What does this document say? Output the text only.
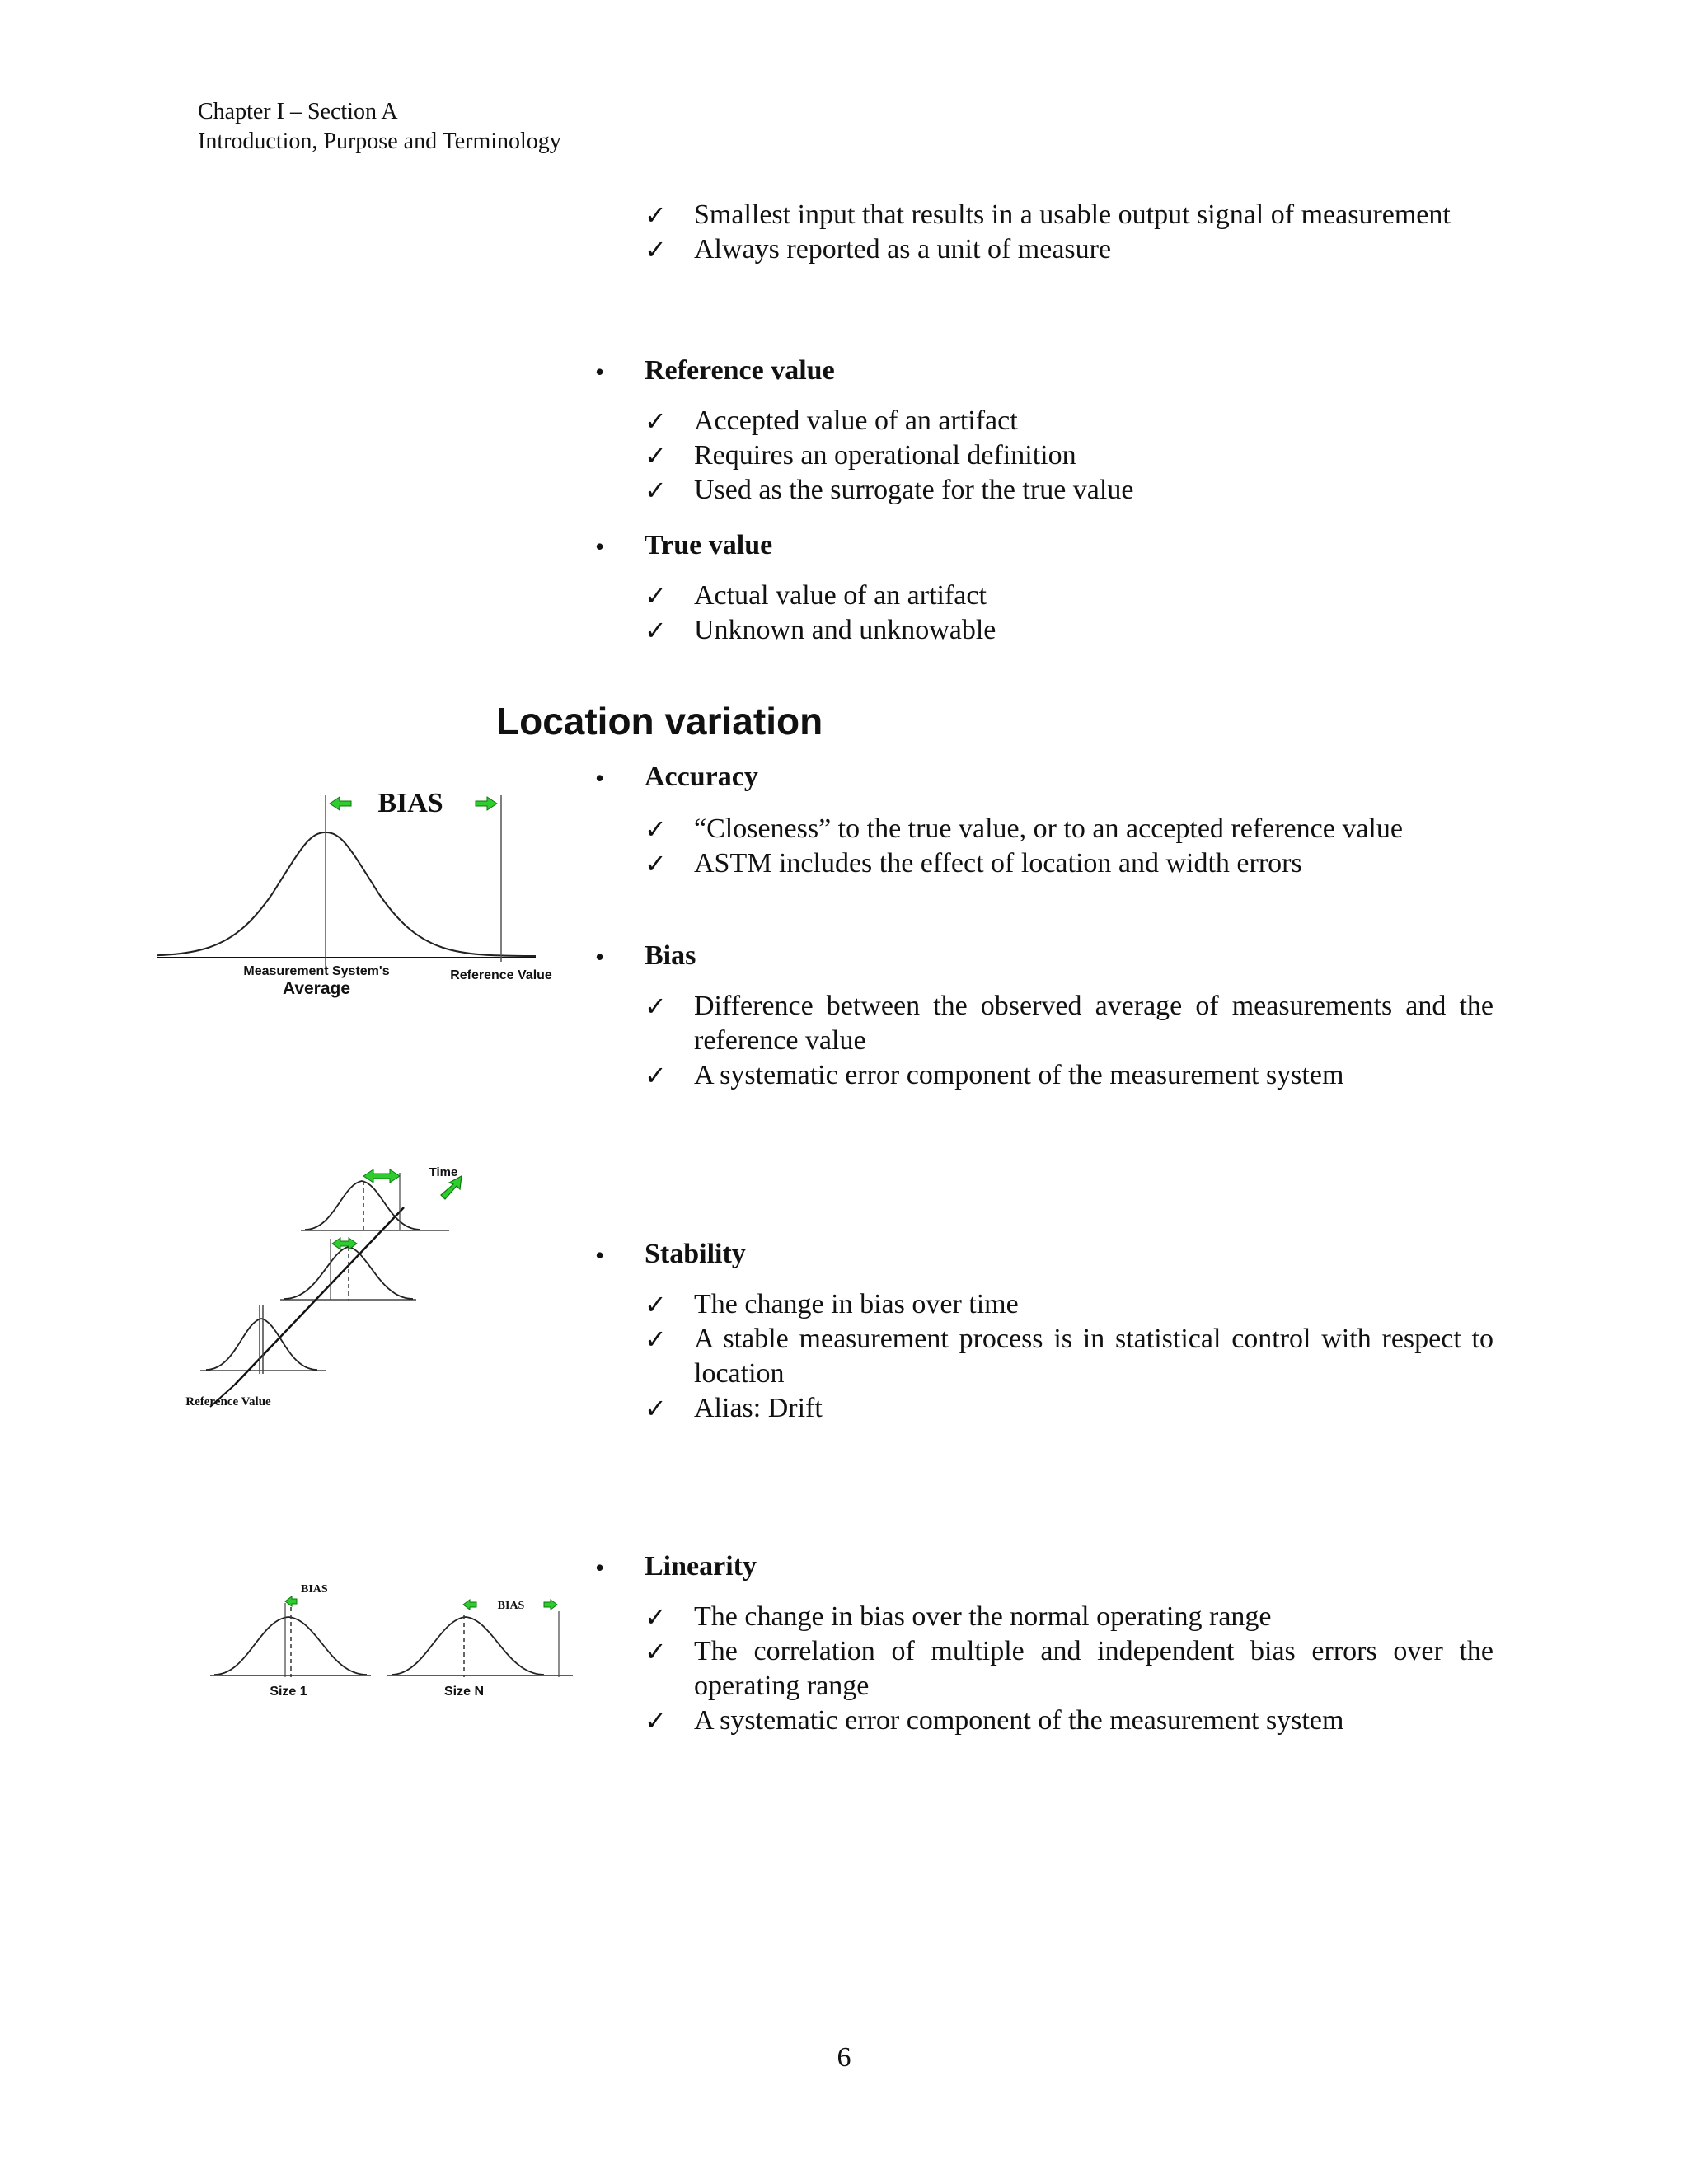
Chapter I – Section A
Introduction, Purpose and Terminology
✓ Smallest input that results in a usable output signal of measurement
✓ Always reported as a unit of measure
• Reference value
✓ Accepted value of an artifact
✓ Requires an operational definition
✓ Used as the surrogate for the true value
• True value
✓ Actual value of an artifact
✓ Unknown and unknowable
Location variation
• Accuracy
✓ “Closeness” to the true value, or to an accepted reference value
✓ ASTM includes the effect of location and width errors
• Bias
✓ Difference between the observed average of measurements and the reference value
✓ A systematic error component of the measurement system
• Stability
✓ The change in bias over time
✓ A stable measurement process is in statistical control with respect to location
✓ Alias: Drift
• Linearity
✓ The change in bias over the normal operating range
✓ The correlation of multiple and independent bias errors over the operating range
✓ A systematic error component of the measurement system
BIAS
Measurement System's
Average
Reference Value
Time
Reference Value
BIAS
BIAS
Size 1	Size N
6
